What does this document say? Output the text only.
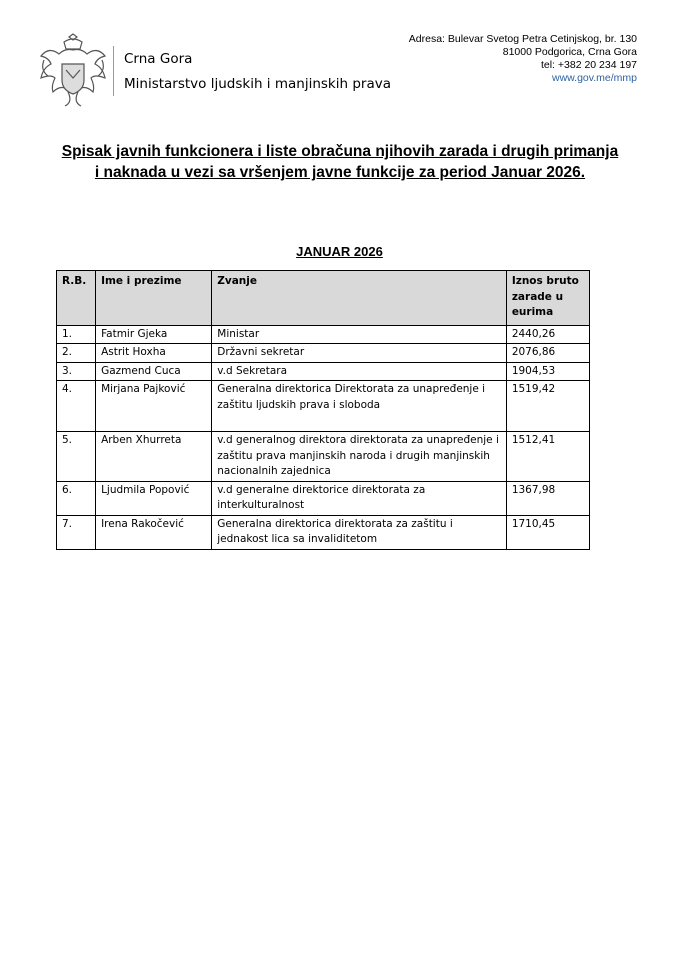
Crna Gora
Ministarstvo ljudskih i manjinskih prava
Adresa: Bulevar Svetog Petra Cetinjskog, br. 130
81000 Podgorica, Crna Gora
tel: +382 20 234 197
www.gov.me/mmp
Spisak javnih funkcionera i liste obračuna njihovih zarada i drugih primanja i naknada u vezi sa vršenjem javne funkcije za period Januar 2026.
JANUAR 2026
R.B.	Ime i prezime	Zvanje	Iznos bruto zarade u eurima
1.	Fatmir Gjeka	Ministar	2440,26
2.	Astrit Hoxha	Državni sekretar	2076,86
3.	Gazmend Cuca	v.d Sekretara	1904,53
4.	Mirjana Pajković	Generalna direktorica Direktorata za unapređenje i zaštitu ljudskih prava i sloboda	1519,42
5.	Arben Xhurreta	v.d generalnog direktora direktorata za unapređenje i zaštitu prava manjinskih naroda i drugih manjinskih nacionalnih zajednica	1512,41
6.	Ljudmila Popović	v.d generalne direktorice direktorata za interkulturalnost	1367,98
7.	Irena Rakočević	Generalna direktorica direktorata za zaštitu i jednakost lica sa invaliditetom	1710,45
